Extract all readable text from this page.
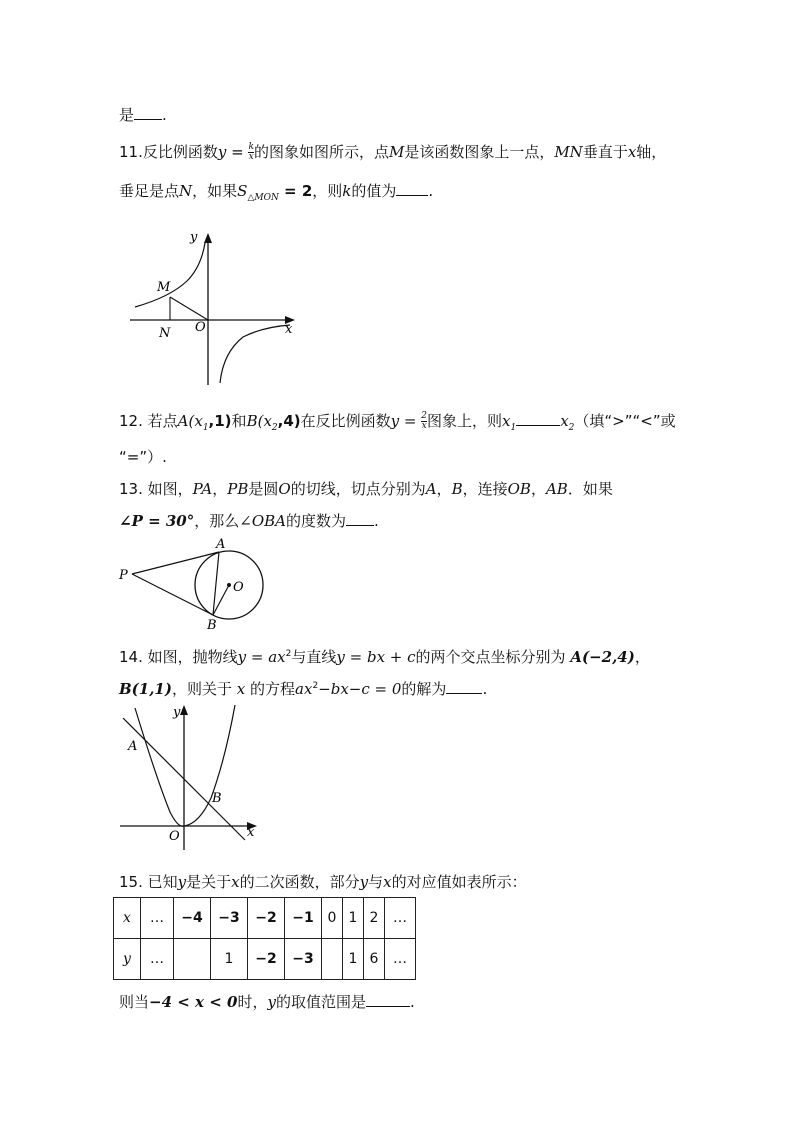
是 .
11.反比例函数$y = \frac{k}{x}$ 的图象如图所示，点M是该函数图象上一点，MN垂直于x轴，
垂足是点N，如果$S_{\triangle MON} = 2$，则k的值为 .
y
x
O
M
N
12. 若点$A(x_1,1)$和$B(x_2,4)$在反比例函数$y = \frac{2}{x}$ 图象上，则$x_1$	$x_2$（填“>”“<”或
“=”）.
13. 如图，PA，PB是圆O的切线，切点分别为A，B，连接OB，AB．如果
∠P = 30°，那么∠OBA的度数为 .
P
A
B
O
14. 如图，抛物线$y = ax^2$与直线y = bx + c的两个交点坐标分别为 A(−2,4)，
B(1,1)，则关于 x 的方程$ax^2-bx-c = 0$的解为 .
y
x
O
A
B
15. 已知y是关于x的二次函数，部分y与x的对应值如表所示：
x	…	−4	−3	−2	−1	0	1	2	…
y	…		1	−2	−3		1	6	…
则当−4 < x < 0时，y的取值范围是	.
